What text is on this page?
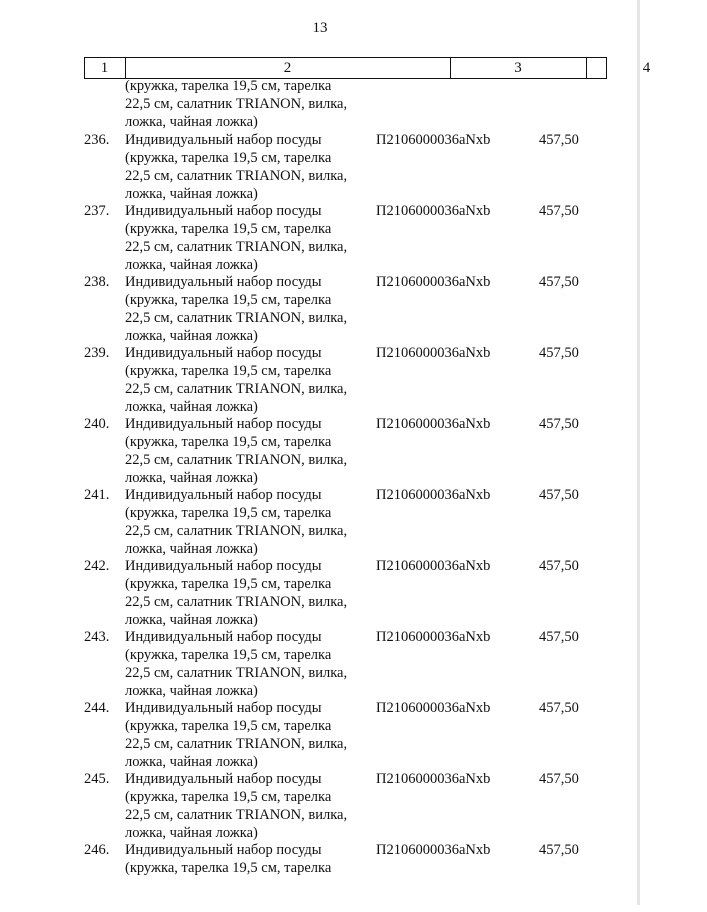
13
1	2	3	4
(кружка, тарелка 19,5 см, тарелка
22,5 см, салатник TRIANON, вилка,
ложка, чайная ложка)
236.	Индивидуальный набор посуды
(кружка, тарелка 19,5 см, тарелка
22,5 см, салатник TRIANON, вилка,
ложка, чайная ложка)
П2106000036aNxb	457,50
237.	Индивидуальный набор посуды
(кружка, тарелка 19,5 см, тарелка
22,5 см, салатник TRIANON, вилка,
ложка, чайная ложка)
П2106000036aNxb	457,50
238.	Индивидуальный набор посуды
(кружка, тарелка 19,5 см, тарелка
22,5 см, салатник TRIANON, вилка,
ложка, чайная ложка)
П2106000036aNxb	457,50
239.	Индивидуальный набор посуды
(кружка, тарелка 19,5 см, тарелка
22,5 см, салатник TRIANON, вилка,
ложка, чайная ложка)
П2106000036aNxb	457,50
240.	Индивидуальный набор посуды
(кружка, тарелка 19,5 см, тарелка
22,5 см, салатник TRIANON, вилка,
ложка, чайная ложка)
П2106000036aNxb	457,50
241.	Индивидуальный набор посуды
(кружка, тарелка 19,5 см, тарелка
22,5 см, салатник TRIANON, вилка,
ложка, чайная ложка)
П2106000036aNxb	457,50
242.	Индивидуальный набор посуды
(кружка, тарелка 19,5 см, тарелка
22,5 см, салатник TRIANON, вилка,
ложка, чайная ложка)
П2106000036aNxb	457,50
243.	Индивидуальный набор посуды
(кружка, тарелка 19,5 см, тарелка
22,5 см, салатник TRIANON, вилка,
ложка, чайная ложка)
П2106000036aNxb	457,50
244.	Индивидуальный набор посуды
(кружка, тарелка 19,5 см, тарелка
22,5 см, салатник TRIANON, вилка,
ложка, чайная ложка)
П2106000036aNxb	457,50
245.	Индивидуальный набор посуды
(кружка, тарелка 19,5 см, тарелка
22,5 см, салатник TRIANON, вилка,
ложка, чайная ложка)
П2106000036aNxb	457,50
246.	Индивидуальный набор посуды
(кружка, тарелка 19,5 см, тарелка
П2106000036aNxb	457,50
